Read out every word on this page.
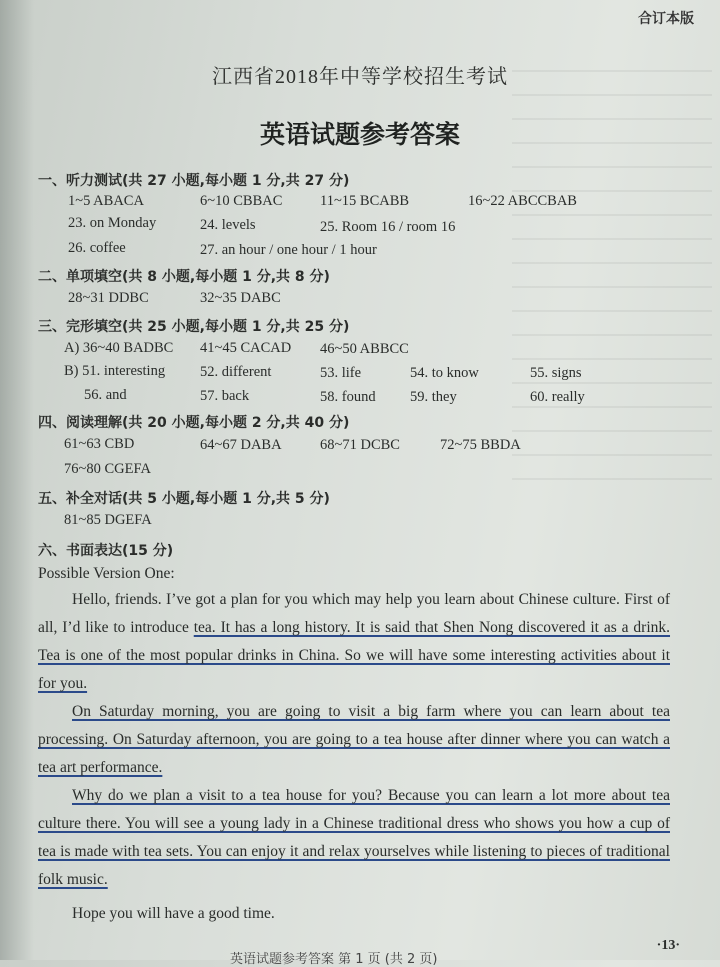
合订本版
江西省2018年中等学校招生考试
英语试题参考答案
一、听力测试(共 27 小题,每小题 1 分,共 27 分)
1~5 ABACA	6~10 CBBAC	11~15 BCABB	16~22 ABCCBAB
23. on Monday	24. levels	25. Room 16 / room 16
26. coffee	27. an hour / one hour / 1 hour
二、单项填空(共 8 小题,每小题 1 分,共 8 分)
28~31 DDBC	32~35 DABC
三、完形填空(共 25 小题,每小题 1 分,共 25 分)
A) 36~40 BADBC 41~45 CACAD 46~50 ABBCC
B) 51. interesting 52. different	53. life	54. to know	55. signs
56. and	57. back	58. found 59. they	60. really
四、阅读理解(共 20 小题,每小题 2 分,共 40 分)
61~63 CBD	64~67 DABA	68~71 DCBC	72~75 BBDA
76~80 CGEFA
五、补全对话(共 5 小题,每小题 1 分,共 5 分)
81~85 DGEFA
六、书面表达(15 分)
Possible Version One:

Hello, friends. I’ve got a plan for you which may help you learn about Chinese culture. First of all, I’d like to introduce tea. It has a long history. It is said that Shen Nong discovered it as a drink. Tea is one of the most popular drinks in China. So we will have some interesting activities about it for you.

On Saturday morning, you are going to visit a big farm where you can learn about tea processing. On Saturday afternoon, you are going to a tea house after dinner where you can watch a tea art performance.

Why do we plan a visit to a tea house for you? Because you can learn a lot more about tea culture there. You will see a young lady in a Chinese traditional dress who shows you how a cup of tea is made with tea sets. You can enjoy it and relax yourselves while listening to pieces of traditional folk music.

Hope you will have a good time.

·13·
英语试题参考答案 第 1 页 (共 2 页)
